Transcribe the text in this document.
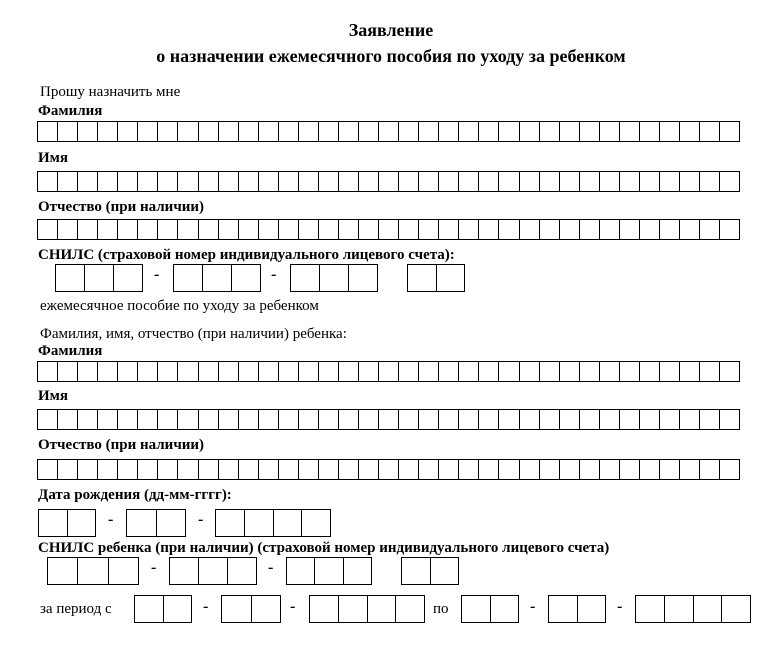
Заявление
о назначении ежемесячного пособия по уходу за ребенком
Прошу назначить мне
Фамилия
Имя
Отчество (при наличии)
СНИЛС (страховой номер индивидуального лицевого счета):
-	-
ежемесячное пособие по уходу за ребенком
Фамилия, имя, отчество (при наличии) ребенка:
Фамилия
Имя
Отчество (при наличии)
Дата рождения (дд-мм-гггг):
-	-
СНИЛС ребенка (при наличии) (страховой номер индивидуального лицевого счета)
-	-
за период с	-	-	по	-	-
